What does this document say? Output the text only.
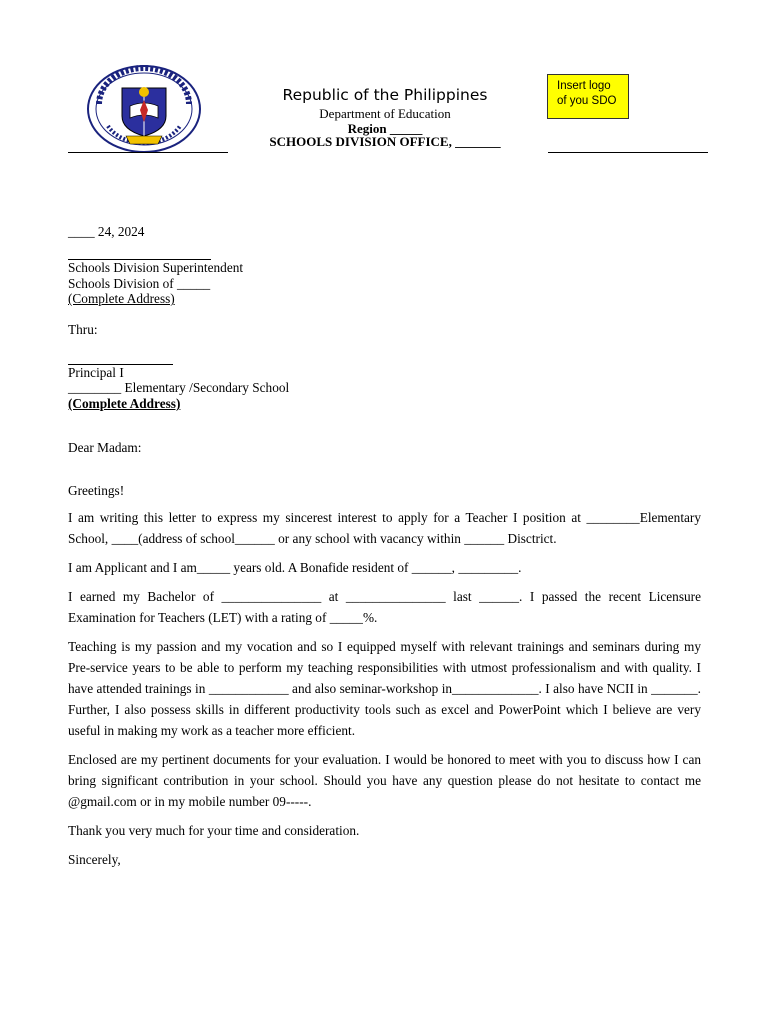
Republic of the Philippines
Department of Education
Region _____
SCHOOLS DIVISION OFFICE, _______
Insert logo
of you SDO

____ 24, 2024

Schools Division Superintendent

Schools Division of _____

(Complete Address)

Thru:

Principal I

________ Elementary /Secondary School

(Complete Address)

Dear Madam:

Greetings!

I am writing this letter to express my sincerest interest to apply for a Teacher I position at ________Elementary School, ____(address of school______ or any school with vacancy within ______ Disctrict.

I am Applicant and I am_____ years old. A Bonafide resident of ______, _________.

I earned my Bachelor of _______________ at _______________ last ______. I passed the recent Licensure Examination for Teachers (LET) with a rating of _____%.

Teaching is my passion and my vocation and so I equipped myself with relevant trainings and seminars during my Pre-service years to be able to perform my teaching responsibilities with utmost professionalism and with quality. I have attended trainings in ____________ and also seminar-workshop in_____________. I also have NCII in _______. Further, I also possess skills in different productivity tools such as excel and PowerPoint which I believe are very useful in making my work as a teacher more efficient.

Enclosed are my pertinent documents for your evaluation. I would be honored to meet with you to discuss how I can bring significant contribution in your school. Should you have any question please do not hesitate to contact me @gmail.com or in my mobile number 09-----.

Thank you very much for your time and consideration.

Sincerely,
